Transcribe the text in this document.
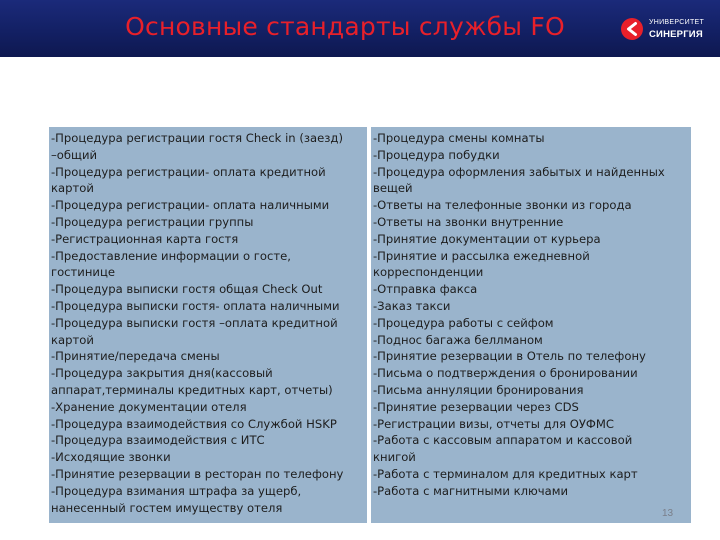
Основные стандарты службы FO	УНИВЕРСИТЕТ
СИНЕРГИЯ
-Процедура регистрации гостя Check in (заезд)
–общий
-Процедура регистрации- оплата кредитной
картой
-Процедура регистрации- оплата наличными
-Процедура регистрации группы
-Регистрационная карта гостя
-Предоставление информации о госте,
гостинице
-Процедура выписки гостя общая Check Out
-Процедура выписки гостя- оплата наличными
-Процедура выписки гостя –оплата кредитной
картой
-Принятие/передача смены
-Процедура закрытия дня(кассовый
аппарат,терминалы кредитных карт, отчеты)
-Хранение документации отеля
-Процедура взаимодействия со Службой HSKP
-Процедура взаимодействия с ИТС
-Исходящие звонки
-Принятие резервации в ресторан по телефону
-Процедура взимания штрафа за ущерб,
нанесенный гостем имуществу отеля
-Процедура смены комнаты
-Процедура побудки
-Процедура оформления забытых и найденных
вещей
-Ответы на телефонные звонки из города
-Ответы на звонки внутренние
-Принятие документации от курьера
-Принятие и рассылка ежедневной
корреспонденции
-Отправка факса
-Заказ такси
-Процедура работы с сейфом
-Поднос багажа беллманом
-Принятие резервации в Отель по телефону
-Письма о подтверждения о бронировании
-Письма аннуляции бронирования
-Принятие резервации через CDS
-Регистрации визы, отчеты для ОУФМС
-Работа с кассовым аппаратом и кассовой
книгой
-Работа с терминалом для кредитных карт
-Работа с магнитными ключами
13
